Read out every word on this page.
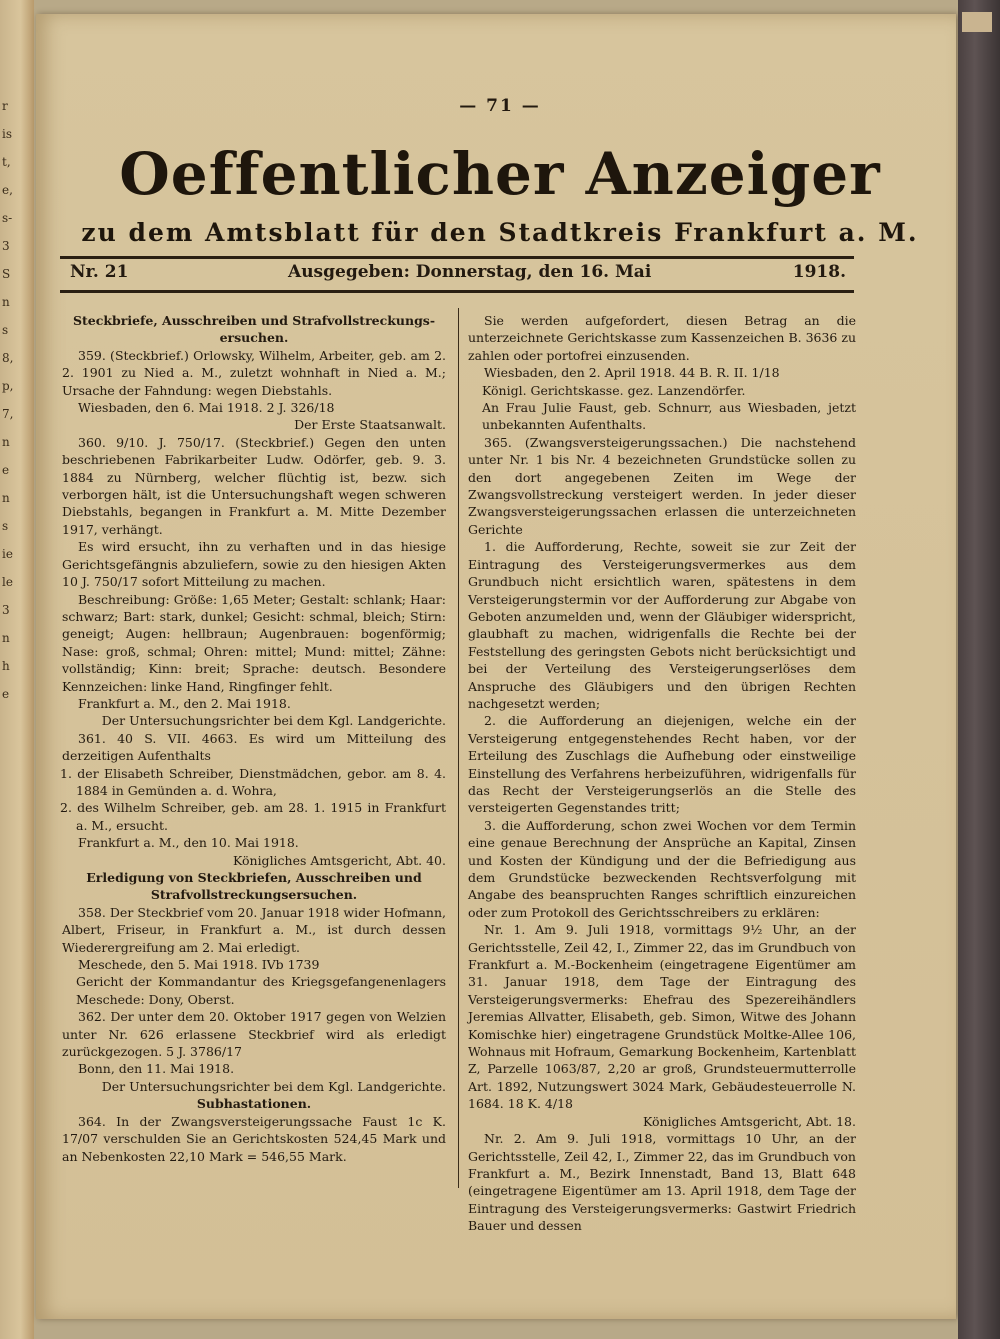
r
is
t,
e,
s-
3
S
n
s
8,
p,
7,
n
e
n
s
ie
le
3
n
h
e
— 71 —
Oeffentlicher Anzeiger
zu dem Amtsblatt für den Stadtkreis Frankfurt a. M.
Nr. 21	Ausgegeben: Donnerstag, den 16. Mai	1918.

Steckbriefe, Ausschreiben und Strafvollstreckungs-ersuchen.

359. (Steckbrief.) Orlowsky, Wilhelm, Arbeiter, geb. am 2. 2. 1901 zu Nied a. M., zuletzt wohnhaft in Nied a. M.; Ursache der Fahndung: wegen Diebstahls.

Wiesbaden, den 6. Mai 1918. 2 J. 326/18

Der Erste Staatsanwalt.

360. 9/10. J. 750/17. (Steckbrief.) Gegen den unten beschriebenen Fabrikarbeiter Ludw. Odörfer, geb. 9. 3. 1884 zu Nürnberg, welcher flüchtig ist, bezw. sich verborgen hält, ist die Untersuchungshaft wegen schweren Diebstahls, begangen in Frankfurt a. M. Mitte Dezember 1917, verhängt.

Es wird ersucht, ihn zu verhaften und in das hiesige Gerichtsgefängnis abzuliefern, sowie zu den hiesigen Akten 10 J. 750/17 sofort Mitteilung zu machen.

Beschreibung: Größe: 1,65 Meter; Gestalt: schlank; Haar: schwarz; Bart: stark, dunkel; Gesicht: schmal, bleich; Stirn: geneigt; Augen: hellbraun; Augenbrauen: bogenförmig; Nase: groß, schmal; Ohren: mittel; Mund: mittel; Zähne: vollständig; Kinn: breit; Sprache: deutsch. Besondere Kennzeichen: linke Hand, Ringfinger fehlt.

Frankfurt a. M., den 2. Mai 1918.

Der Untersuchungsrichter bei dem Kgl. Landgerichte.

361. 40 S. VII. 4663. Es wird um Mitteilung des derzeitigen Aufenthalts

1. der Elisabeth Schreiber, Dienstmädchen, gebor. am 8. 4. 1884 in Gemünden a. d. Wohra,

2. des Wilhelm Schreiber, geb. am 28. 1. 1915 in Frankfurt a. M., ersucht.

Frankfurt a. M., den 10. Mai 1918.

Königliches Amtsgericht, Abt. 40.

Erledigung von Steckbriefen, Ausschreiben und Strafvollstreckungsersuchen.

358. Der Steckbrief vom 20. Januar 1918 wider Hofmann, Albert, Friseur, in Frankfurt a. M., ist durch dessen Wiederergreifung am 2. Mai erledigt.

Meschede, den 5. Mai 1918. IVb 1739

Gericht der Kommandantur des Kriegsgefangenenlagers Meschede: Dony, Oberst.

362. Der unter dem 20. Oktober 1917 gegen von Welzien unter Nr. 626 erlassene Steckbrief wird als erledigt zurückgezogen. 5 J. 3786/17

Bonn, den 11. Mai 1918.

Der Untersuchungsrichter bei dem Kgl. Landgerichte.

Subhastationen.

364. In der Zwangsversteigerungssache Faust 1c K. 17/07 verschulden Sie an Gerichtskosten 524,45 Mark und an Nebenkosten 22,10 Mark = 546,55 Mark.

Sie werden aufgefordert, diesen Betrag an die unterzeichnete Gerichtskasse zum Kassenzeichen B. 3636 zu zahlen oder portofrei einzusenden.

Wiesbaden, den 2. April 1918. 44 B. R. II. 1/18

Königl. Gerichtskasse. gez. Lanzendörfer.

An Frau Julie Faust, geb. Schnurr, aus Wiesbaden, jetzt unbekannten Aufenthalts.

365. (Zwangsversteigerungssachen.) Die nachstehend unter Nr. 1 bis Nr. 4 bezeichneten Grundstücke sollen zu den dort angegebenen Zeiten im Wege der Zwangsvollstreckung versteigert werden. In jeder dieser Zwangsversteigerungssachen erlassen die unterzeichneten Gerichte

1. die Aufforderung, Rechte, soweit sie zur Zeit der Eintragung des Versteigerungsvermerkes aus dem Grundbuch nicht ersichtlich waren, spätestens in dem Versteigerungstermin vor der Aufforderung zur Abgabe von Geboten anzumelden und, wenn der Gläubiger widerspricht, glaubhaft zu machen, widrigenfalls die Rechte bei der Feststellung des geringsten Gebots nicht berücksichtigt und bei der Verteilung des Versteigerungserlöses dem Anspruche des Gläubigers und den übrigen Rechten nachgesetzt werden;

2. die Aufforderung an diejenigen, welche ein der Versteigerung entgegenstehendes Recht haben, vor der Erteilung des Zuschlags die Aufhebung oder einstweilige Einstellung des Verfahrens herbeizuführen, widrigenfalls für das Recht der Versteigerungserlös an die Stelle des versteigerten Gegenstandes tritt;

3. die Aufforderung, schon zwei Wochen vor dem Termin eine genaue Berechnung der Ansprüche an Kapital, Zinsen und Kosten der Kündigung und der die Befriedigung aus dem Grundstücke bezweckenden Rechtsverfolgung mit Angabe des beanspruchten Ranges schriftlich einzureichen oder zum Protokoll des Gerichtsschreibers zu erklären:

Nr. 1. Am 9. Juli 1918, vormittags 9½ Uhr, an der Gerichtsstelle, Zeil 42, I., Zimmer 22, das im Grundbuch von Frankfurt a. M.-Bockenheim (eingetragene Eigentümer am 31. Januar 1918, dem Tage der Eintragung des Versteigerungsvermerks: Ehefrau des Spezereihändlers Jeremias Allvatter, Elisabeth, geb. Simon, Witwe des Johann Komischke hier) eingetragene Grundstück Moltke-Allee 106, Wohnaus mit Hofraum, Gemarkung Bockenheim, Kartenblatt Z, Parzelle 1063/87, 2,20 ar groß, Grundsteuermutterrolle Art. 1892, Nutzungswert 3024 Mark, Gebäudesteuerrolle N. 1684. 18 K. 4/18

Königliches Amtsgericht, Abt. 18.

Nr. 2. Am 9. Juli 1918, vormittags 10 Uhr, an der Gerichtsstelle, Zeil 42, I., Zimmer 22, das im Grundbuch von Frankfurt a. M., Bezirk Innenstadt, Band 13, Blatt 648 (eingetragene Eigentümer am 13. April 1918, dem Tage der Eintragung des Versteigerungsvermerks: Gastwirt Friedrich Bauer und dessen
